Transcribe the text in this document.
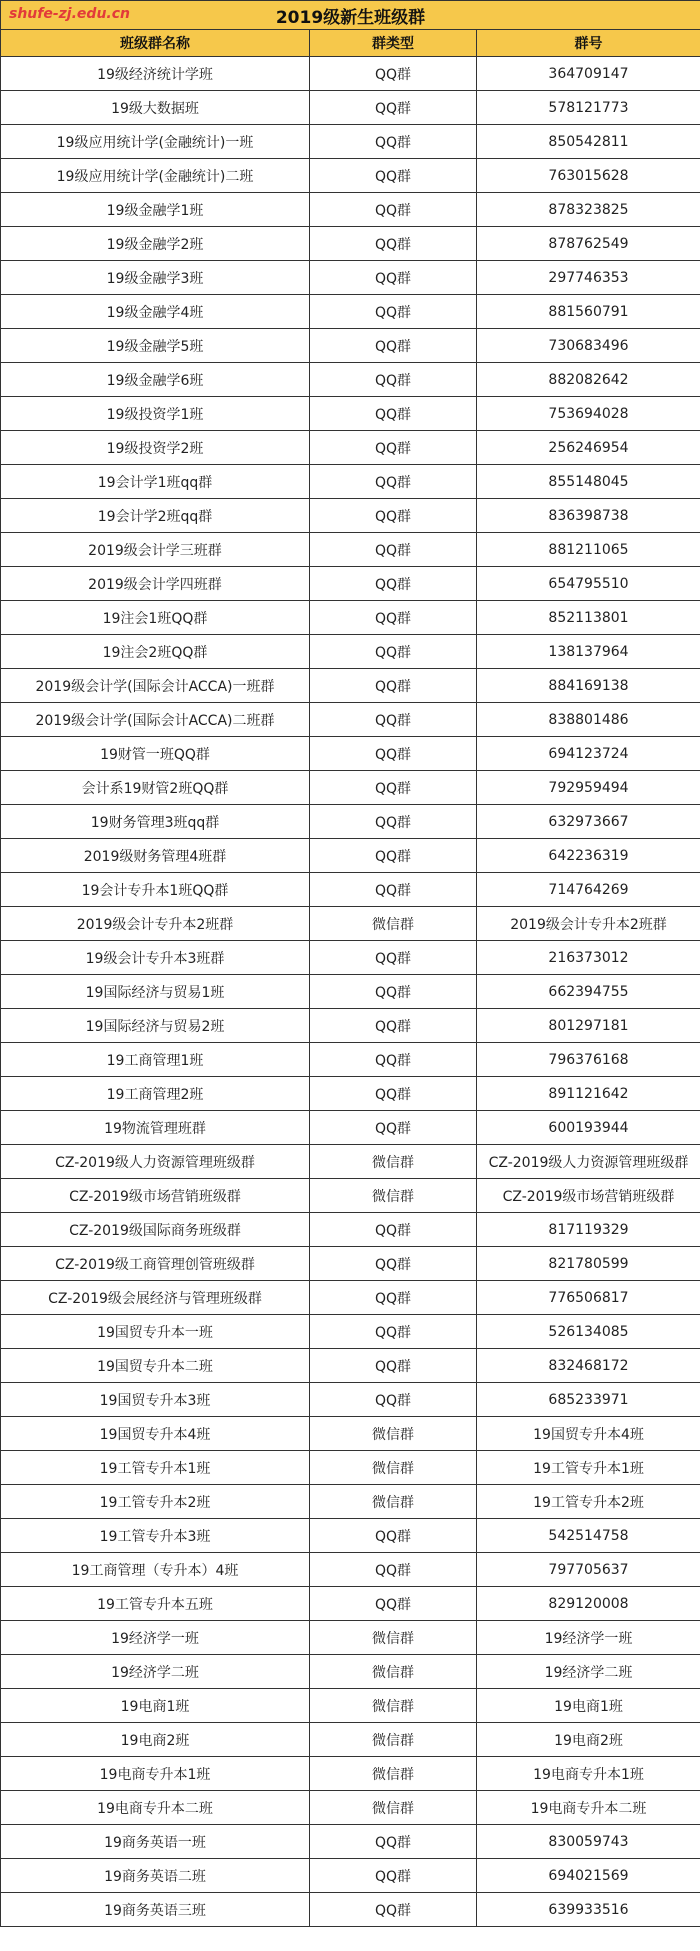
shufe-zj.edu.cn 2019级新生班级群		
班级群名称	群类型	群号
19级经济统计学班	QQ群	364709147
19级大数据班	QQ群	578121773
19级应用统计学(金融统计)一班	QQ群	850542811
19级应用统计学(金融统计)二班	QQ群	763015628
19级金融学1班	QQ群	878323825
19级金融学2班	QQ群	878762549
19级金融学3班	QQ群	297746353
19级金融学4班	QQ群	881560791
19级金融学5班	QQ群	730683496
19级金融学6班	QQ群	882082642
19级投资学1班	QQ群	753694028
19级投资学2班	QQ群	256246954
19会计学1班qq群	QQ群	855148045
19会计学2班qq群	QQ群	836398738
2019级会计学三班群	QQ群	881211065
2019级会计学四班群	QQ群	654795510
19注会1班QQ群	QQ群	852113801
19注会2班QQ群	QQ群	138137964
2019级会计学(国际会计ACCA)一班群	QQ群	884169138
2019级会计学(国际会计ACCA)二班群	QQ群	838801486
19财管一班QQ群	QQ群	694123724
会计系19财管2班QQ群	QQ群	792959494
19财务管理3班qq群	QQ群	632973667
2019级财务管理4班群	QQ群	642236319
19会计专升本1班QQ群	QQ群	714764269
2019级会计专升本2班群	微信群	2019级会计专升本2班群
19级会计专升本3班群	QQ群	216373012
19国际经济与贸易1班	QQ群	662394755
19国际经济与贸易2班	QQ群	801297181
19工商管理1班	QQ群	796376168
19工商管理2班	QQ群	891121642
19物流管理班群	QQ群	600193944
CZ-2019级人力资源管理班级群	微信群	CZ-2019级人力资源管理班级群
CZ-2019级市场营销班级群	微信群	CZ-2019级市场营销班级群
CZ-2019级国际商务班级群	QQ群	817119329
CZ-2019级工商管理创管班级群	QQ群	821780599
CZ-2019级会展经济与管理班级群	QQ群	776506817
19国贸专升本一班	QQ群	526134085
19国贸专升本二班	QQ群	832468172
19国贸专升本3班	QQ群	685233971
19国贸专升本4班	微信群	19国贸专升本4班
19工管专升本1班	微信群	19工管专升本1班
19工管专升本2班	微信群	19工管专升本2班
19工管专升本3班	QQ群	542514758
19工商管理（专升本）4班	QQ群	797705637
19工管专升本五班	QQ群	829120008
19经济学一班	微信群	19经济学一班
19经济学二班	微信群	19经济学二班
19电商1班	微信群	19电商1班
19电商2班	微信群	19电商2班
19电商专升本1班	微信群	19电商专升本1班
19电商专升本二班	微信群	19电商专升本二班
19商务英语一班	QQ群	830059743
19商务英语二班	QQ群	694021569
19商务英语三班	QQ群	639933516
